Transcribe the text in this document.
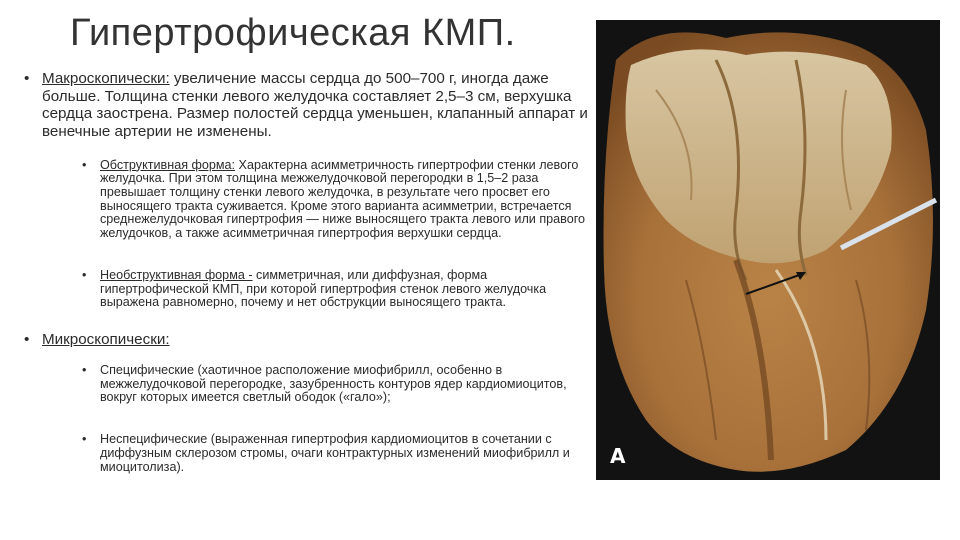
Гипертрофическая КМП.

• Макроскопически: увеличение массы сердца до 500–700 г, иногда даже больше. Толщина стенки левого желудочка составляет 2,5–3 см, верхушка сердца заострена. Размер полостей сердца уменьшен, клапанный аппарат и венечные артерии не изменены.

• Обструктивная форма: Характерна асимметричность гипертрофии стенки левого желудочка. При этом толщина межжелудочковой перегородки в 1,5–2 раза превышает толщину стенки левого желудочка, в результате чего просвет его выносящего тракта суживается. Кроме этого варианта асимметрии, встречается среднежелудочковая гипертрофия — ниже выносящего тракта левого или правого желудочков, а также асимметричная гипертрофия верхушки сердца.

• Необструктивная форма - симметричная, или диффузная, форма гипертрофической КМП, при которой гипертрофия стенок левого желудочка выражена равномерно, почему и нет обструкции выносящего тракта.

• Микроскопически:

• Специфические (хаотичное расположение миофибрилл, особенно в межжелудочковой перегородке, зазубренность контуров ядер кардиомиоцитов, вокруг которых имеется светлый ободок («гало»);

• Неспецифические (выраженная гипертрофия кардиомиоцитов в сочетании с диффузным склерозом стромы, очаги контрактурных изменений миофибрилл и миоцитолиза).	A
